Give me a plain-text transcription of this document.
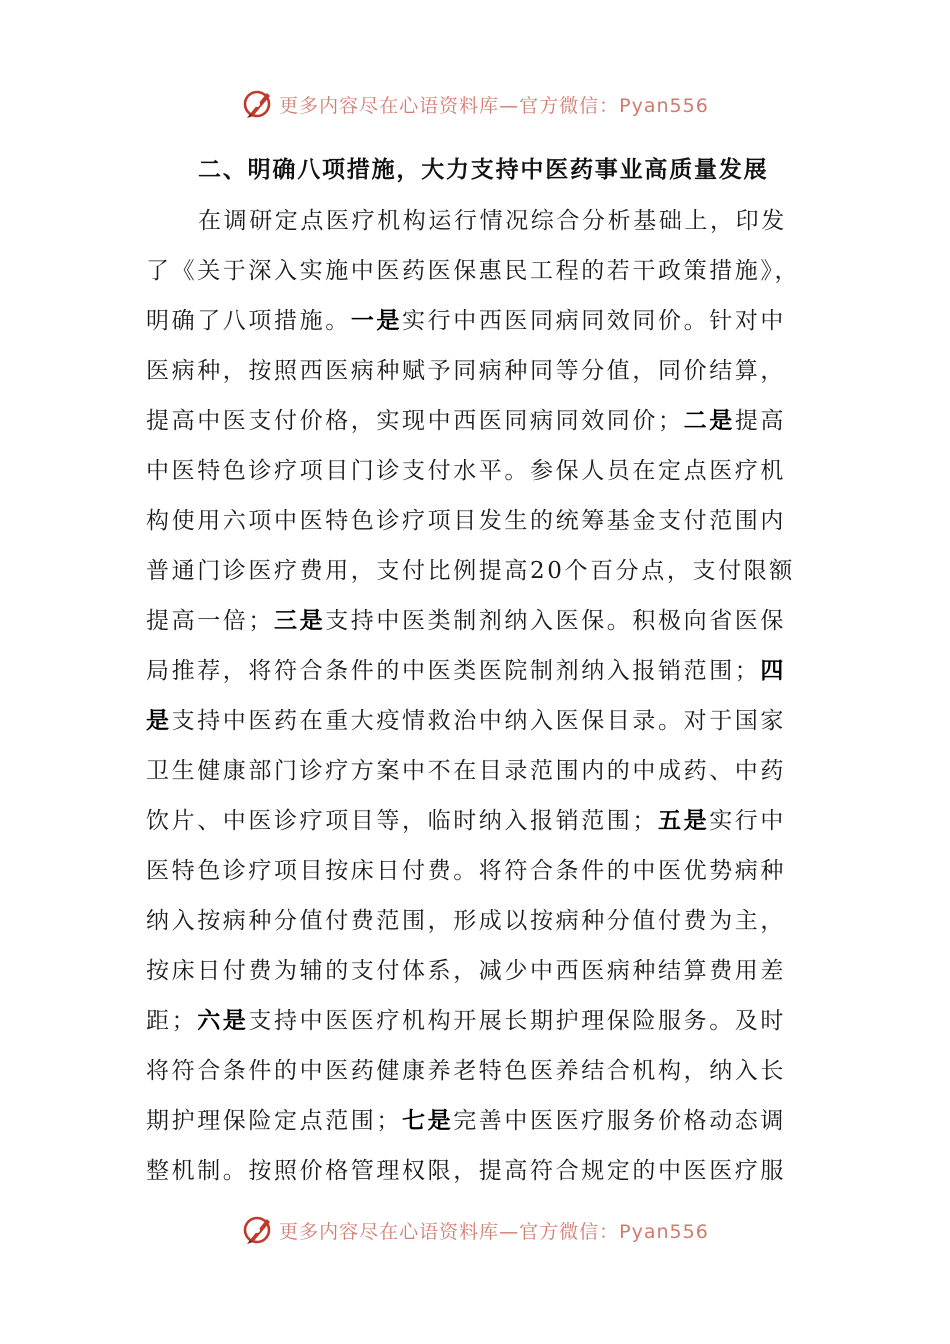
更多内容尽在心语资料库—官方微信：Pyan556
二、明确八项措施，大力支持中医药事业高质量发展
在调研定点医疗机构运行情况综合分析基础上，印发
了《关于深入实施中医药医保惠民工程的若干政策措施》，
明确了八项措施。一是实行中西医同病同效同价。针对中
医病种，按照西医病种赋予同病种同等分值，同价结算，
提高中医支付价格，实现中西医同病同效同价；二是提高
中医特色诊疗项目门诊支付水平。参保人员在定点医疗机
构使用六项中医特色诊疗项目发生的统筹基金支付范围内
普通门诊医疗费用，支付比例提高20个百分点，支付限额
提高一倍；三是支持中医类制剂纳入医保。积极向省医保
局推荐，将符合条件的中医类医院制剂纳入报销范围；四
是支持中医药在重大疫情救治中纳入医保目录。对于国家
卫生健康部门诊疗方案中不在目录范围内的中成药、中药
饮片、中医诊疗项目等，临时纳入报销范围；五是实行中
医特色诊疗项目按床日付费。将符合条件的中医优势病种
纳入按病种分值付费范围，形成以按病种分值付费为主，
按床日付费为辅的支付体系，减少中西医病种结算费用差
距；六是支持中医医疗机构开展长期护理保险服务。及时
将符合条件的中医药健康养老特色医养结合机构，纳入长
期护理保险定点范围；七是完善中医医疗服务价格动态调
整机制。按照价格管理权限，提高符合规定的中医医疗服
更多内容尽在心语资料库—官方微信：Pyan556
